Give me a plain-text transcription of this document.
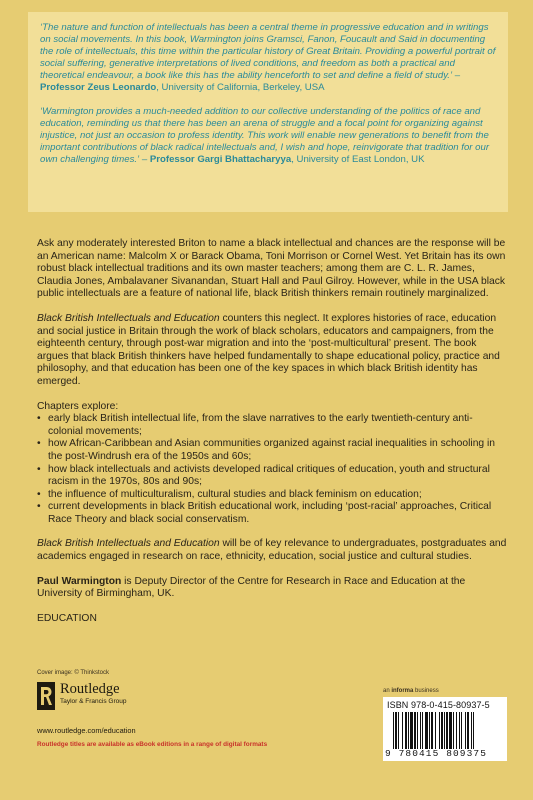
‘The nature and function of intellectuals has been a central theme in progressive education and in writings on social movements. In this book, Warmington joins Gramsci, Fanon, Foucault and Said in documenting the role of intellectuals, this time within the particular history of Great Britain. Providing a powerful portrait of social suffering, generative interpretations of lived conditions, and freedom as both a practical and theoretical endeavour, a book like this has the ability henceforth to set and define a field of study.’ – Professor Zeus Leonardo, University of California, Berkeley, USA

‘Warmington provides a much-needed addition to our collective understanding of the politics of race and education, reminding us that there has been an arena of struggle and a focal point for organizing against injustice, not just an occasion to profess identity. This work will enable new generations to benefit from the important contributions of black radical intellectuals and, I wish and hope, reinvigorate that tradition for our own challenging times.’ – Professor Gargi Bhattacharyya, University of East London, UK

Ask any moderately interested Briton to name a black intellectual and chances are the response will be an American name: Malcolm X or Barack Obama, Toni Morrison or Cornel West. Yet Britain has its own robust black intellectual traditions and its own master teachers; among them are C. L. R. James, Claudia Jones, Ambalavaner Sivanandan, Stuart Hall and Paul Gilroy. However, while in the USA black public intellectuals are a feature of national life, black British thinkers remain routinely marginalized.

Black British Intellectuals and Education counters this neglect. It explores histories of race, education and social justice in Britain through the work of black scholars, educators and campaigners, from the eighteenth century, through post-war migration and into the ‘post-multicultural’ present. The book argues that black British thinkers have helped fundamentally to shape educational policy, practice and philosophy, and that education has been one of the key spaces in which black British identity has emerged.

Chapters explore:

• early black British intellectual life, from the slave narratives to the early twentieth-century anti-colonial movements;
• how African-Caribbean and Asian communities organized against racial inequalities in schooling in the post-Windrush era of the 1950s and 60s;
• how black intellectuals and activists developed radical critiques of education, youth and structural racism in the 1970s, 80s and 90s;
• the influence of multiculturalism, cultural studies and black feminism on education;
• current developments in black British educational work, including ‘post-racial’ approaches, Critical Race Theory and black social conservatism.

Black British Intellectuals and Education will be of key relevance to undergraduates, postgraduates and academics engaged in research on race, ethnicity, education, social justice and cultural studies.

Paul Warmington is Deputy Director of the Centre for Research in Race and Education at the University of Birmingham, UK.

EDUCATION

Cover image: © Thinkstock
Routledge
Taylor & Francis Group
www.routledge.com/education
Routledge titles are available as eBook editions in a range of digital formats
an informa business
ISBN 978-0-415-80937-5
9 780415 809375
